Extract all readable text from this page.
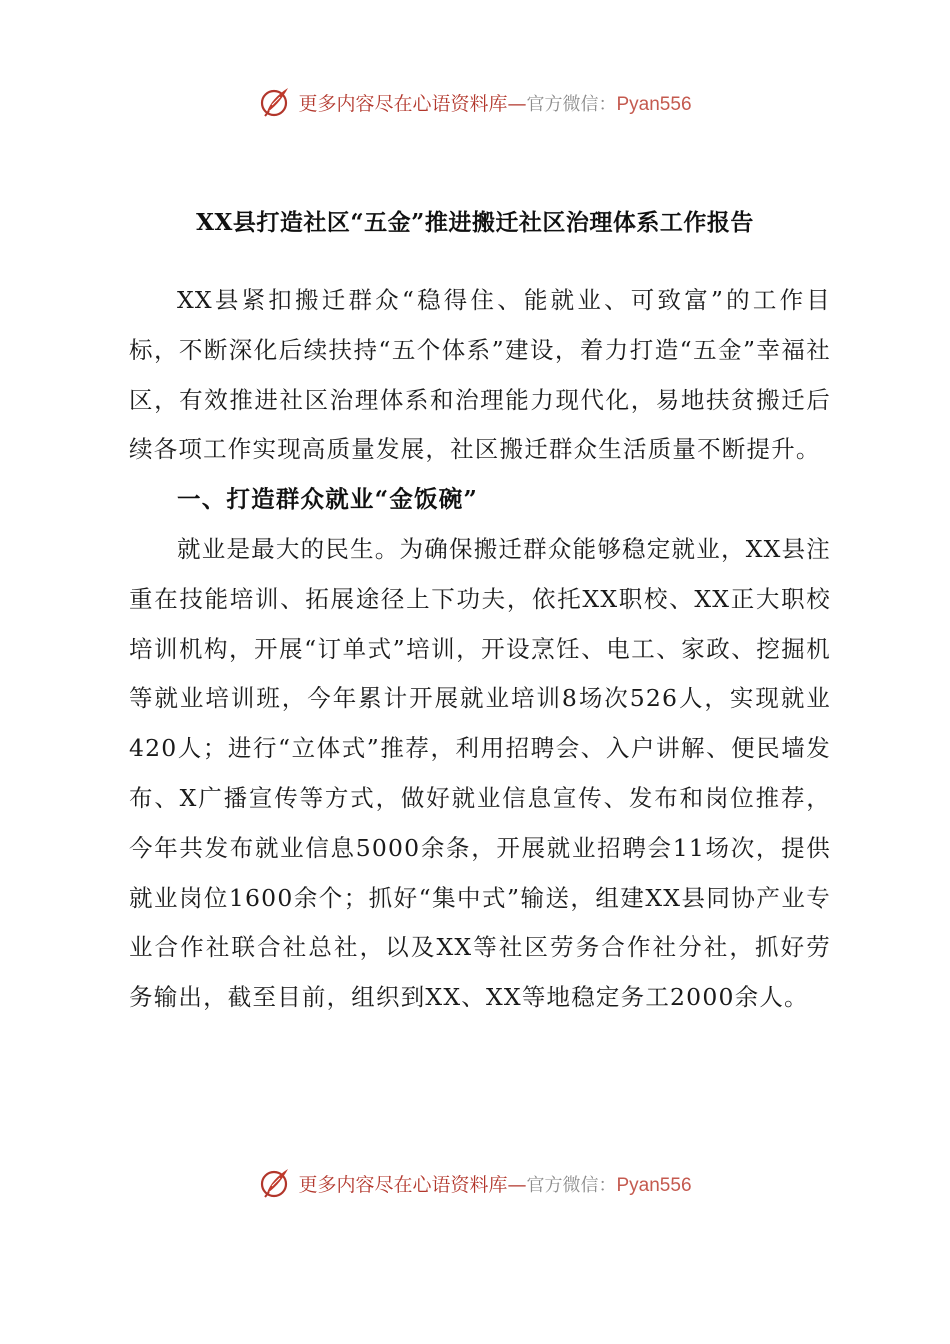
更多内容尽在心语资料库—官方微信：Pyan556
XX县打造社区“五金”推进搬迁社区治理体系工作报告

XX县紧扣搬迁群众“稳得住、能就业、可致富”的工作目标，不断深化后续扶持“五个体系”建设，着力打造“五金”幸福社区，有效推进社区治理体系和治理能力现代化，易地扶贫搬迁后续各项工作实现高质量发展，社区搬迁群众生活质量不断提升。

一、打造群众就业“金饭碗”

就业是最大的民生。为确保搬迁群众能够稳定就业，XX县注重在技能培训、拓展途径上下功夫，依托XX职校、XX正大职校培训机构，开展“订单式”培训，开设烹饪、电工、家政、挖掘机等就业培训班，今年累计开展就业培训8场次526人，实现就业420人；进行“立体式”推荐，利用招聘会、入户讲解、便民墙发布、X广播宣传等方式，做好就业信息宣传、发布和岗位推荐，今年共发布就业信息5000余条，开展就业招聘会11场次，提供就业岗位1600余个；抓好“集中式”输送，组建XX县同协产业专业合作社联合社总社，以及XX等社区劳务合作社分社，抓好劳务输出，截至目前，组织到XX、XX等地稳定务工2000余人。

更多内容尽在心语资料库—官方微信：Pyan556
